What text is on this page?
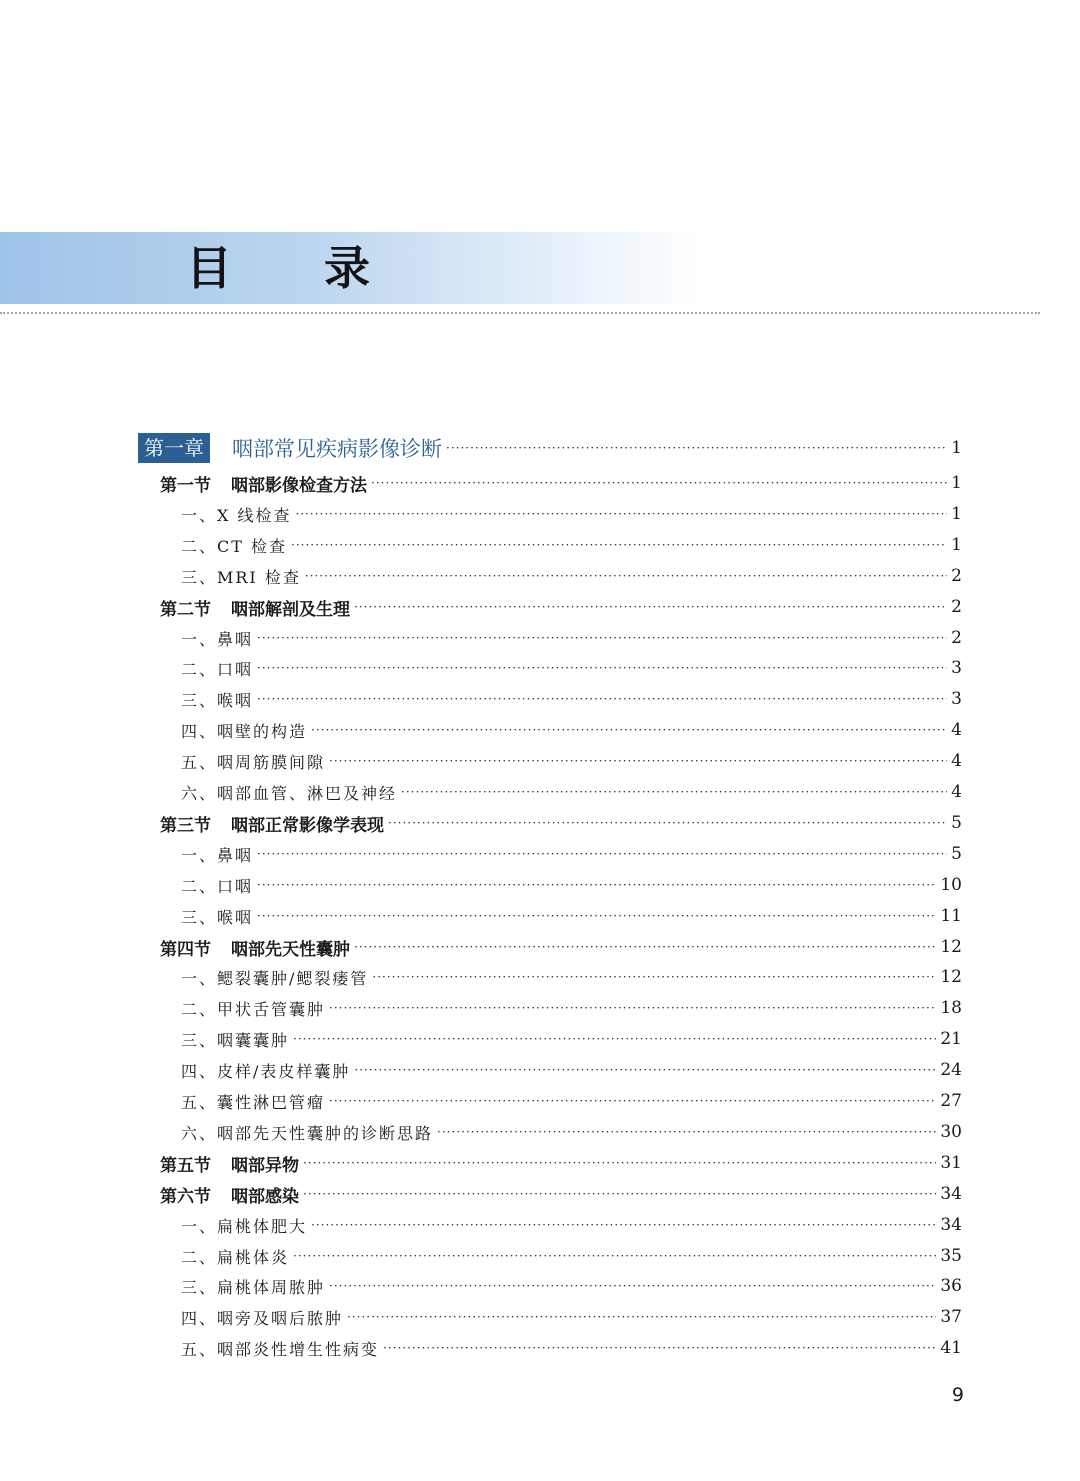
目录
第一章 咽部常见疾病影像诊断 ·····	1
第一节 咽部影像检查方法 ·····	1
一、X 线检查 ·····	1
二、CT 检查 ·····	1
三、MRI 检查 ·····	2
第二节 咽部解剖及生理 ·····	2
一、鼻咽 ·····	2
二、口咽 ·····	3
三、喉咽 ·····	3
四、咽壁的构造 ·····	4
五、咽周筋膜间隙 ·····	4
六、咽部血管、淋巴及神经 ·····	4
第三节 咽部正常影像学表现 ·····	5
一、鼻咽 ·····	5
二、口咽 ·····	10
三、喉咽 ·····	11
第四节 咽部先天性囊肿 ·····	12
一、鳃裂囊肿/鳃裂瘘管 ·····	12
二、甲状舌管囊肿 ·····	18
三、咽囊囊肿 ·····	21
四、皮样/表皮样囊肿 ·····	24
五、囊性淋巴管瘤 ·····	27
六、咽部先天性囊肿的诊断思路 ·····	30
第五节 咽部异物 ·····	31
第六节 咽部感染 ·····	34
一、扁桃体肥大 ·····	34
二、扁桃体炎 ·····	35
三、扁桃体周脓肿 ·····	36
四、咽旁及咽后脓肿 ·····	37
五、咽部炎性增生性病变 ·····	41
9
